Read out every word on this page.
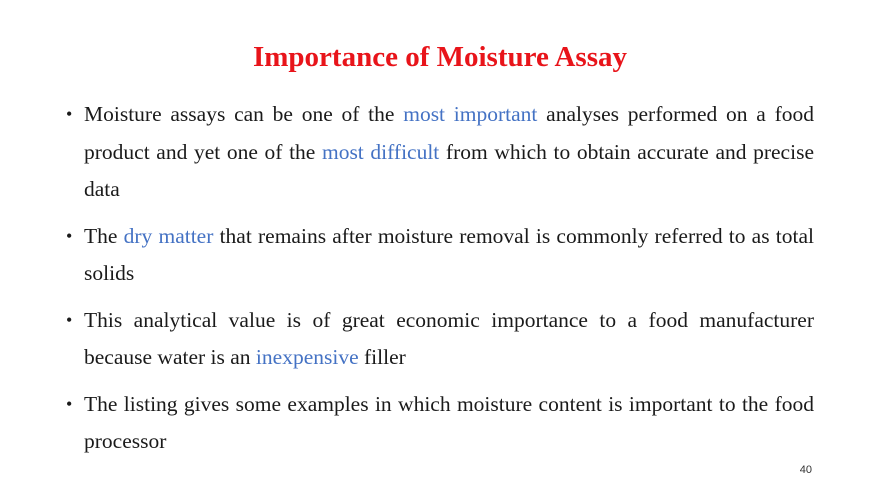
Importance of Moisture Assay
• Moisture assays can be one of the most important analyses performed on a food product and yet one of the most difficult from which to obtain accurate and precise data
• The dry matter that remains after moisture removal is commonly referred to as total solids
• This analytical value is of great economic importance to a food manufacturer because water is an inexpensive filler
• The listing gives some examples in which moisture content is important to the food processor
40
